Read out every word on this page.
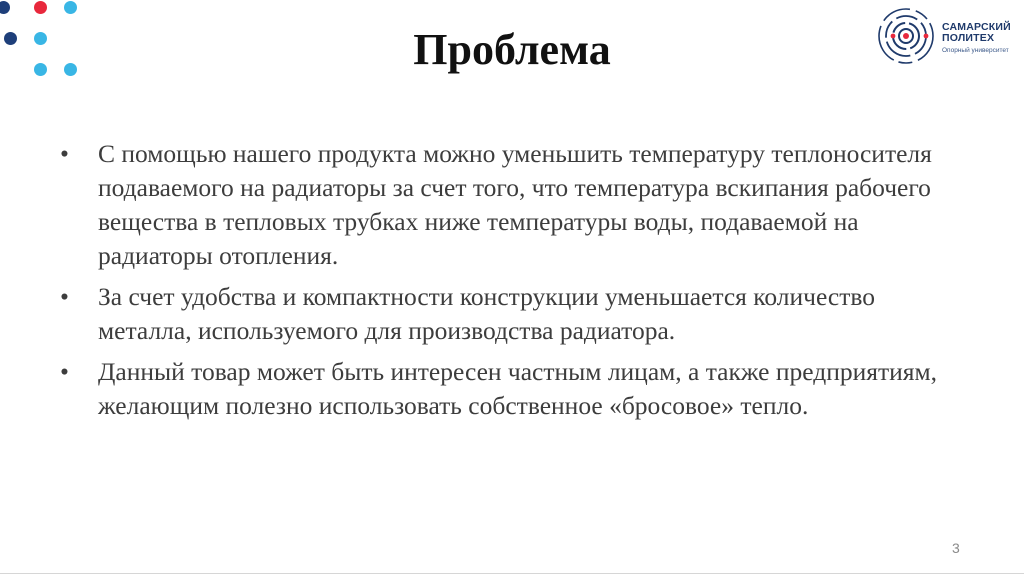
Проблема	САМАРСКИЙ
ПОЛИТЕХ
Опорный университет
• С помощью нашего продукта можно уменьшить температуру теплоносителя подаваемого на радиаторы за счет того, что температура вскипания рабочего вещества в тепловых трубках ниже температуры воды, подаваемой на радиаторы отопления.
• За счет удобства и компактности конструкции уменьшается количество металла, используемого для производства радиатора.
• Данный товар может быть интересен частным лицам, а также предприятиям, желающим полезно использовать собственное «бросовое» тепло.
3
